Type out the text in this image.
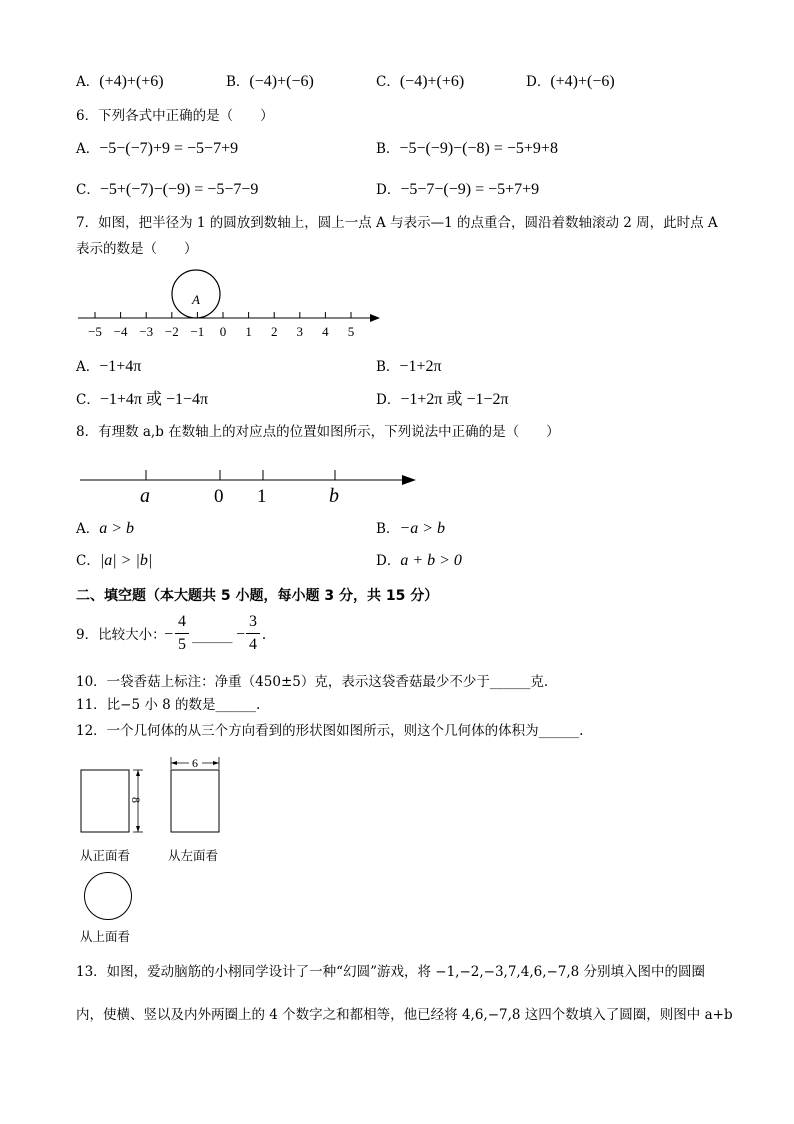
A．(+4)+(+6)	B．(−4)+(−6)	C．(−4)+(+6)	D．(+4)+(−6)
6．下列各式中正确的是（　　）
A．−5−(−7)+9 = −5−7+9	B．−5−(−9)−(−8) = −5+9+8
C．−5+(−7)−(−9) = −5−7−9	D．−5−7−(−9) = −5+7+9
7．如图，把半径为 1 的圆放到数轴上，圆上一点 A 与表示—1 的点重合，圆沿着数轴滚动 2 周，此时点 A
表示的数是（　　）
A
−5 −4 −3 −2 −1 0 1 2 3 4 5
A．−1+4π	B．−1+2π
C．−1+4π 或 −1−4π	D．−1+2π 或 −1−2π
8．有理数 a,b 在数轴上的对应点的位置如图所示，下列说法中正确的是（　　）
a	0 1	b
A．a > b	B．−a > b
C．|a| > |b|	D．a + b > 0
二、填空题（本大题共 5 小题，每小题 3 分，共 15 分）
9．比较大小：
−
4
5 ______ −
3
4
.
10．一袋香菇上标注：净重（450±5）克，表示这袋香菇最少不少于______克.
11．比−5 小 8 的数是______.
12．一个几何体的从三个方向看到的形状图如图所示，则这个几何体的体积为______.
8
6
从正面看	从左面看
从上面看
13．如图，爱动脑筋的小栩同学设计了一种“幻圆”游戏，将 −1,−2,−3,7,4,6,−7,8 分别填入图中的圆圈
内，使横、竖以及内外两圈上的 4 个数字之和都相等，他已经将 4,6,−7,8 这四个数填入了圆圈，则图中 a+b
